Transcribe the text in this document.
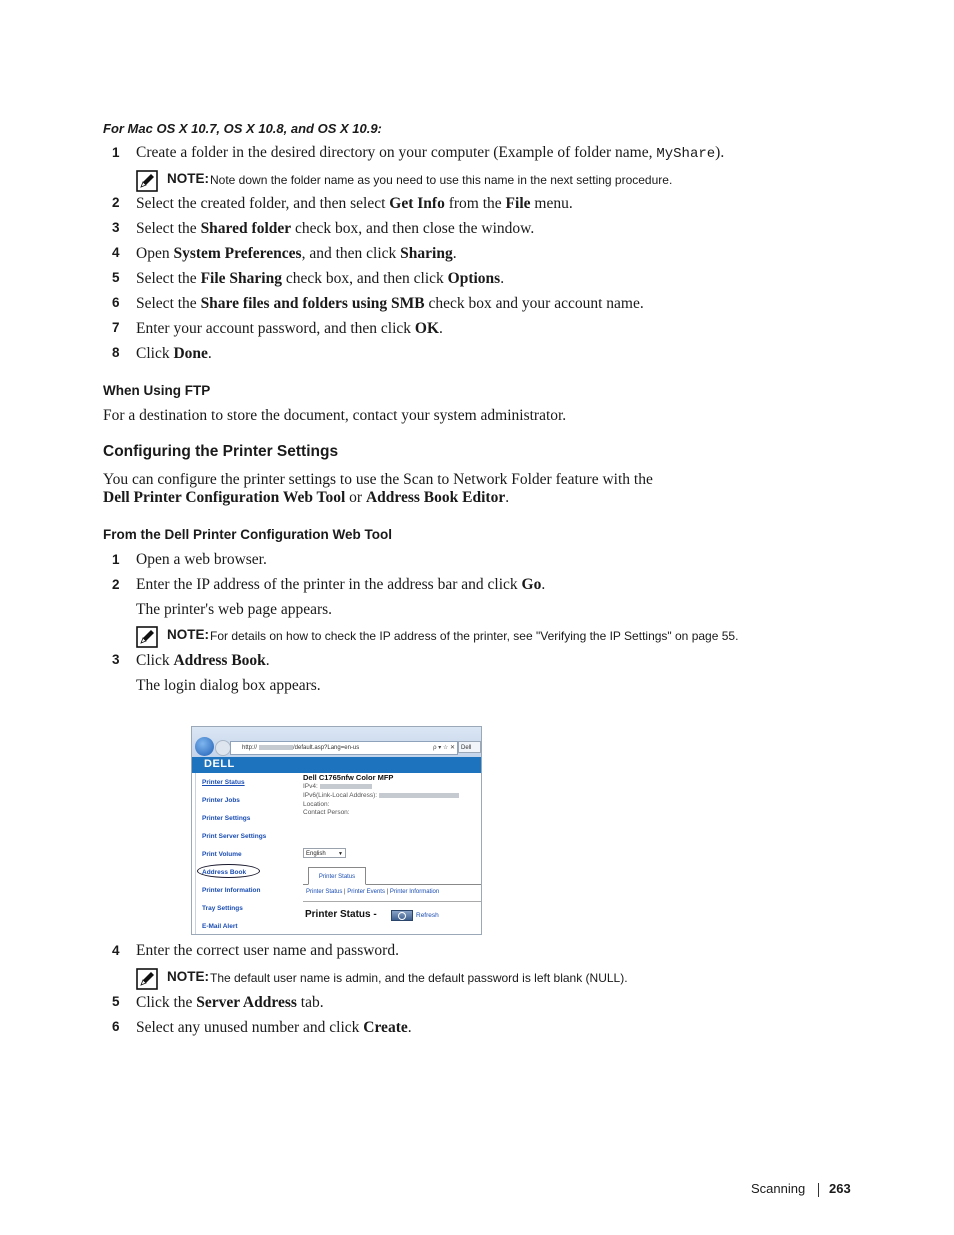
For Mac OS X 10.7, OS X 10.8, and OS X 10.9:
1	Create a folder in the desired directory on your computer (Example of folder name, MyShare).
NOTE: Note down the folder name as you need to use this name in the next setting procedure.
2	Select the created folder, and then select Get Info from the File menu.
3	Select the Shared folder check box, and then close the window.
4	Open System Preferences, and then click Sharing.
5	Select the File Sharing check box, and then click Options.
6	Select the Share files and folders using SMB check box and your account name.
7	Enter your account password, and then click OK.
8	Click Done.
When Using FTP
For a destination to store the document, contact your system administrator.
Configuring the Printer Settings
You can configure the printer settings to use the Scan to Network Folder feature with the
Dell Printer Configuration Web Tool or Address Book Editor.
From the Dell Printer Configuration Web Tool
1	Open a web browser.
2	Enter the IP address of the printer in the address bar and click Go.
The printer's web page appears.
NOTE: For details on how to check the IP address of the printer, see "Verifying the IP Settings" on page 55.
3	Click Address Book.
The login dialog box appears.
http://	/default.asp?Lang=en-us	ρ ▾ ☆ ✕	Dell
DELL
Printer Status
Printer Jobs
Printer Settings
Print Server Settings
Print Volume
Address Book
Printer Information
Tray Settings
E-Mail Alert
Dell C1765nfw Color MFP
IPv4:
IPv6(Link-Local Address):
Location:
Contact Person:
English ▼
Printer Status
Printer Status | Printer Events | Printer Information
Printer Status -	Refresh
4	Enter the correct user name and password.
NOTE: The default user name is admin, and the default password is left blank (NULL).
5	Click the Server Address tab.
6	Select any unused number and click Create.
Scanning 263
